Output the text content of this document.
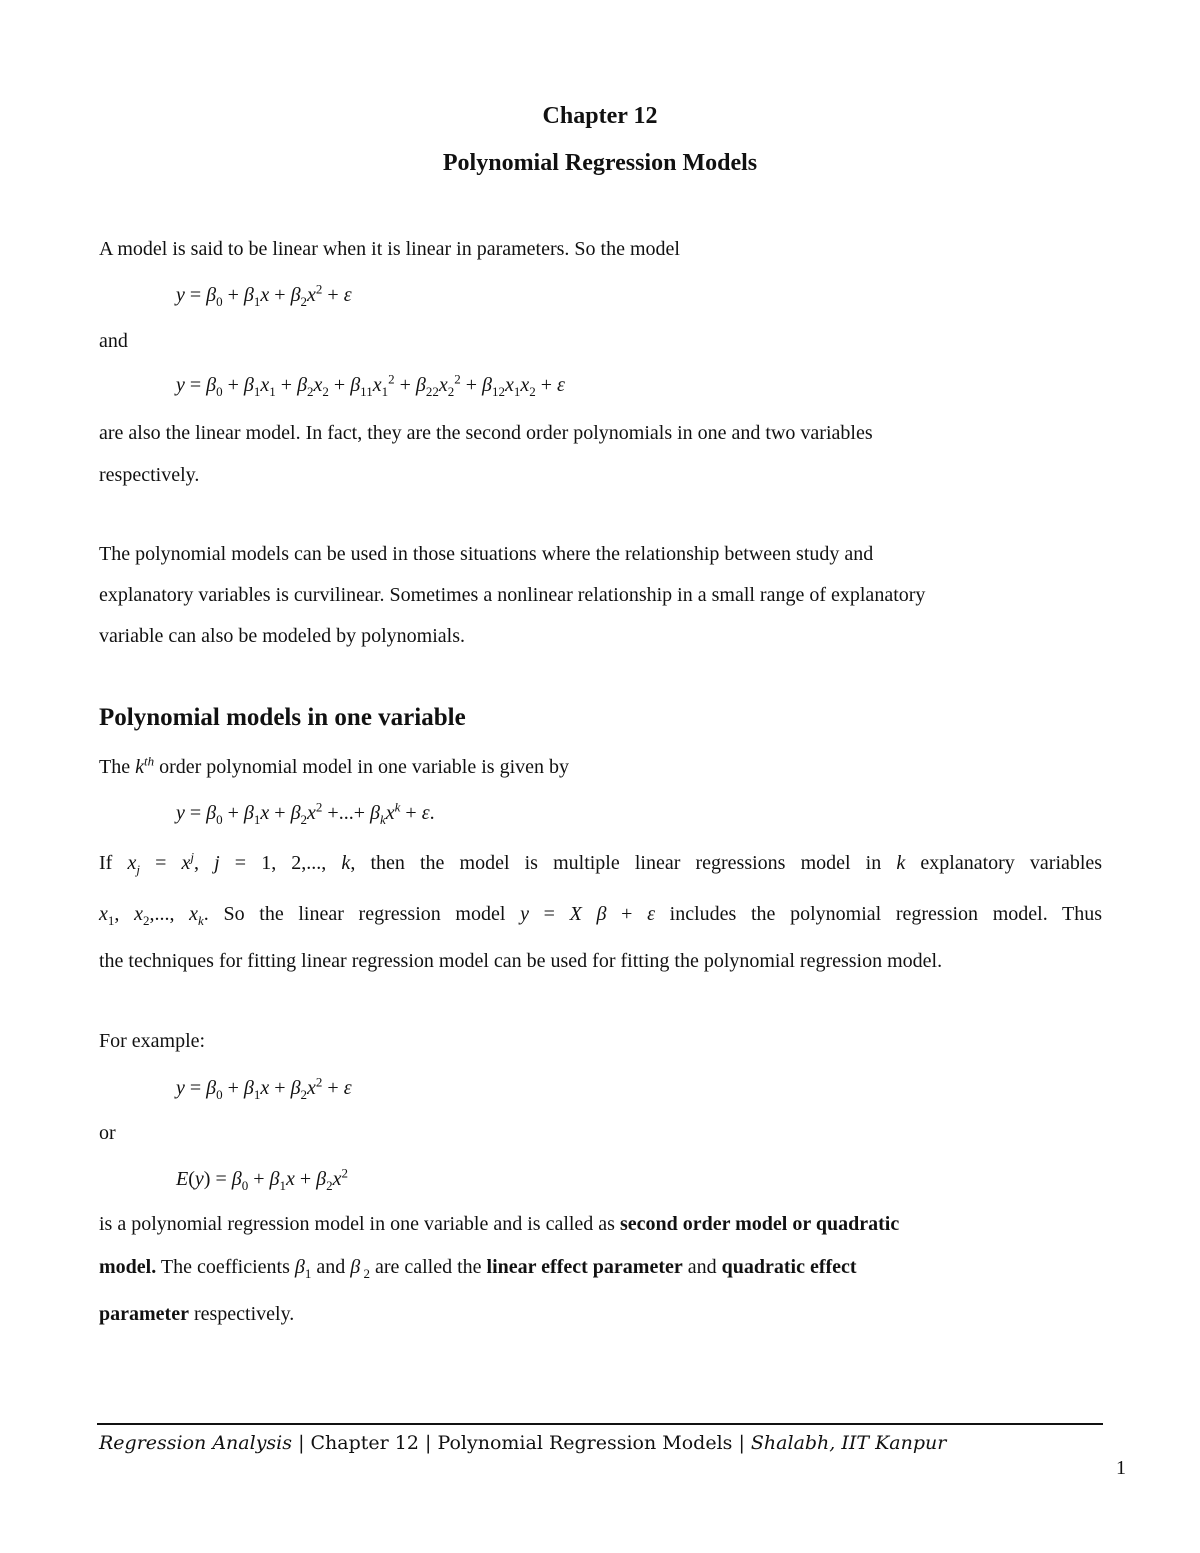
Chapter 12
Polynomial Regression Models
A model is said to be linear when it is linear in parameters. So the model
$y = \beta_0 + \beta_1x + \beta_2x^2 + \varepsilon$
and
$y = \beta_0 + \beta_1x_1 + \beta_2x_2 + \beta_{11}x_1^2 + \beta_{22}x_2^2 + \beta_{12}x_1x_2 + \varepsilon$
are also the linear model. In fact, they are the second order polynomials in one and two variables
respectively.
The polynomial models can be used in those situations where the relationship between study and
explanatory variables is curvilinear. Sometimes a nonlinear relationship in a small range of explanatory
variable can also be modeled by polynomials.
Polynomial models in one variable
The $k^{th}$ order polynomial model in one variable is given by
$y = \beta_0 + \beta_1x + \beta_2x^2$ +...+ $\beta_kx^k + \varepsilon$.
If $x_j = x^j$, j = 1, 2,..., k, then the model is multiple linear regressions model in k explanatory variables
$x_1$, $x_2$,..., $x_k$. So the linear regression model y = X β + ε includes the polynomial regression model. Thus
the techniques for fitting linear regression model can be used for fitting the polynomial regression model.
For example:
$y = \beta_0 + \beta_1x + \beta_2x^2 + \varepsilon$
or
$E(y) = \beta_0 + \beta_1x + \beta_2x^2$
is a polynomial regression model in one variable and is called as second order model or quadratic
model. The coefficients $\beta_1$ and β $_2$ are called the linear effect parameter and quadratic effect
parameter respectively.
Regression Analysis | Chapter 12 | Polynomial Regression Models | Shalabh, IIT Kanpur
1
